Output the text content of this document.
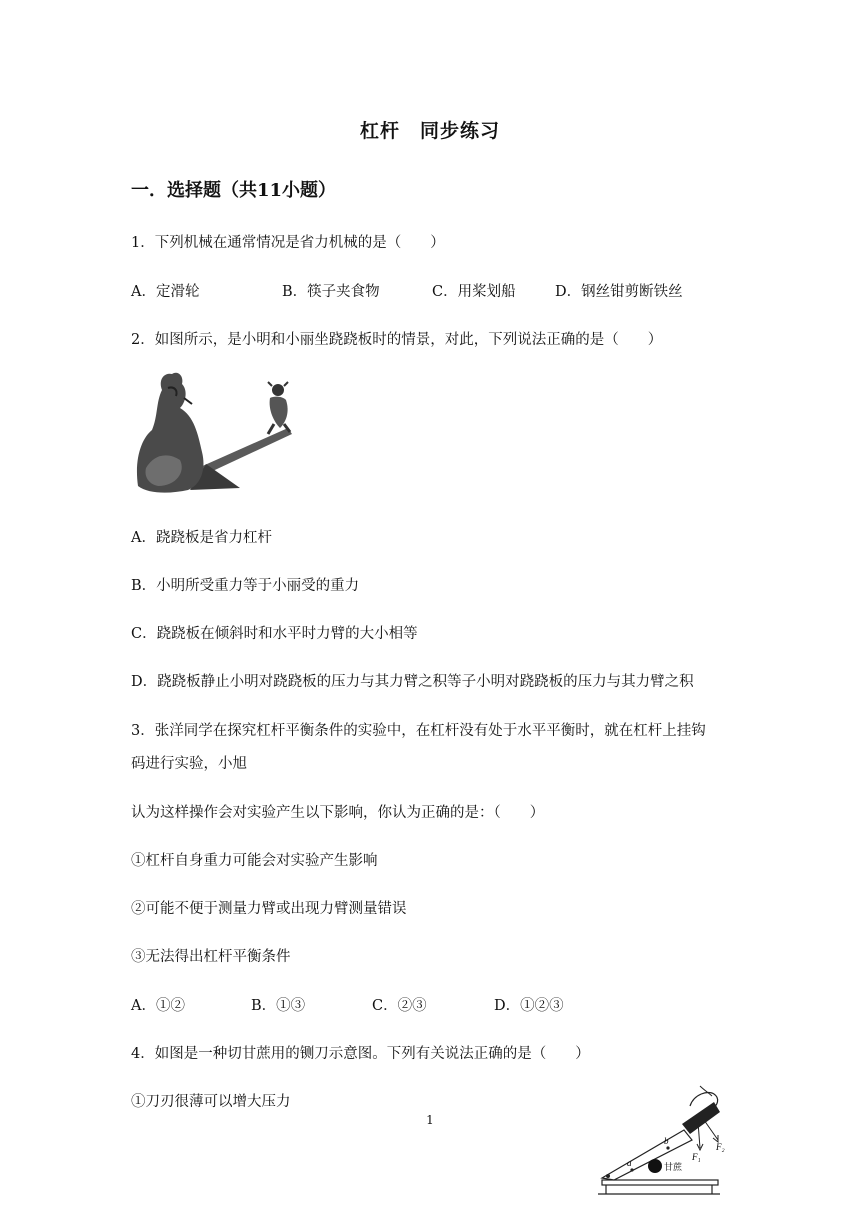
杠杆　同步练习
一．选择题（共11小题）
1．下列机械在通常情况是省力机械的是（　　）
A．定滑轮	B．筷子夹食物	C．用桨划船	D．钢丝钳剪断铁丝
2．如图所示，是小明和小丽坐跷跷板时的情景，对此，下列说法正确的是（　　）
A．跷跷板是省力杠杆
B．小明所受重力等于小丽受的重力
C．跷跷板在倾斜时和水平时力臂的大小相等
D．跷跷板静止小明对跷跷板的压力与其力臂之积等子小明对跷跷板的压力与其力臂之积
3．张洋同学在探究杠杆平衡条件的实验中，在杠杆没有处于水平平衡时，就在杠杆上挂钩
码进行实验，小旭
认为这样操作会对实验产生以下影响，你认为正确的是：（　　）
①杠杆自身重力可能会对实验产生影响
②可能不便于测量力臂或出现力臂测量错误
③无法得出杠杆平衡条件
A．①②	B．①③	C．②③	D．①②③
4．如图是一种切甘蔗用的铡刀示意图。下列有关说法正确的是（　　）
①刀刃很薄可以增大压力
1
a
b
F₁
F₂
甘蔗
